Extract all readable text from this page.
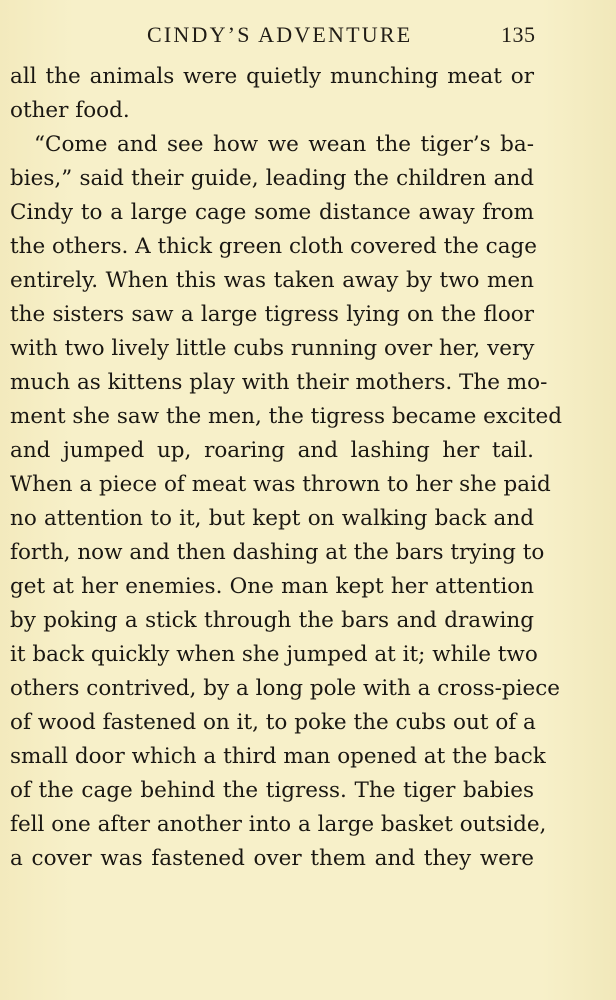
CINDY’S ADVENTURE	135
all the animals were quietly munching meat or
other food.
“Come and see how we wean the tiger’s ba-
bies,” said their guide, leading the children and
Cindy to a large cage some distance away from
the others. A thick green cloth covered the cage
entirely. When this was taken away by two men
the sisters saw a large tigress lying on the floor
with two lively little cubs running over her, very
much as kittens play with their mothers. The mo-
ment she saw the men, the tigress became excited
and jumped up, roaring and lashing her tail.
When a piece of meat was thrown to her she paid
no attention to it, but kept on walking back and
forth, now and then dashing at the bars trying to
get at her enemies. One man kept her attention
by poking a stick through the bars and drawing
it back quickly when she jumped at it; while two
others contrived, by a long pole with a cross-piece
of wood fastened on it, to poke the cubs out of a
small door which a third man opened at the back
of the cage behind the tigress. The tiger babies
fell one after another into a large basket outside,
a cover was fastened over them and they were
